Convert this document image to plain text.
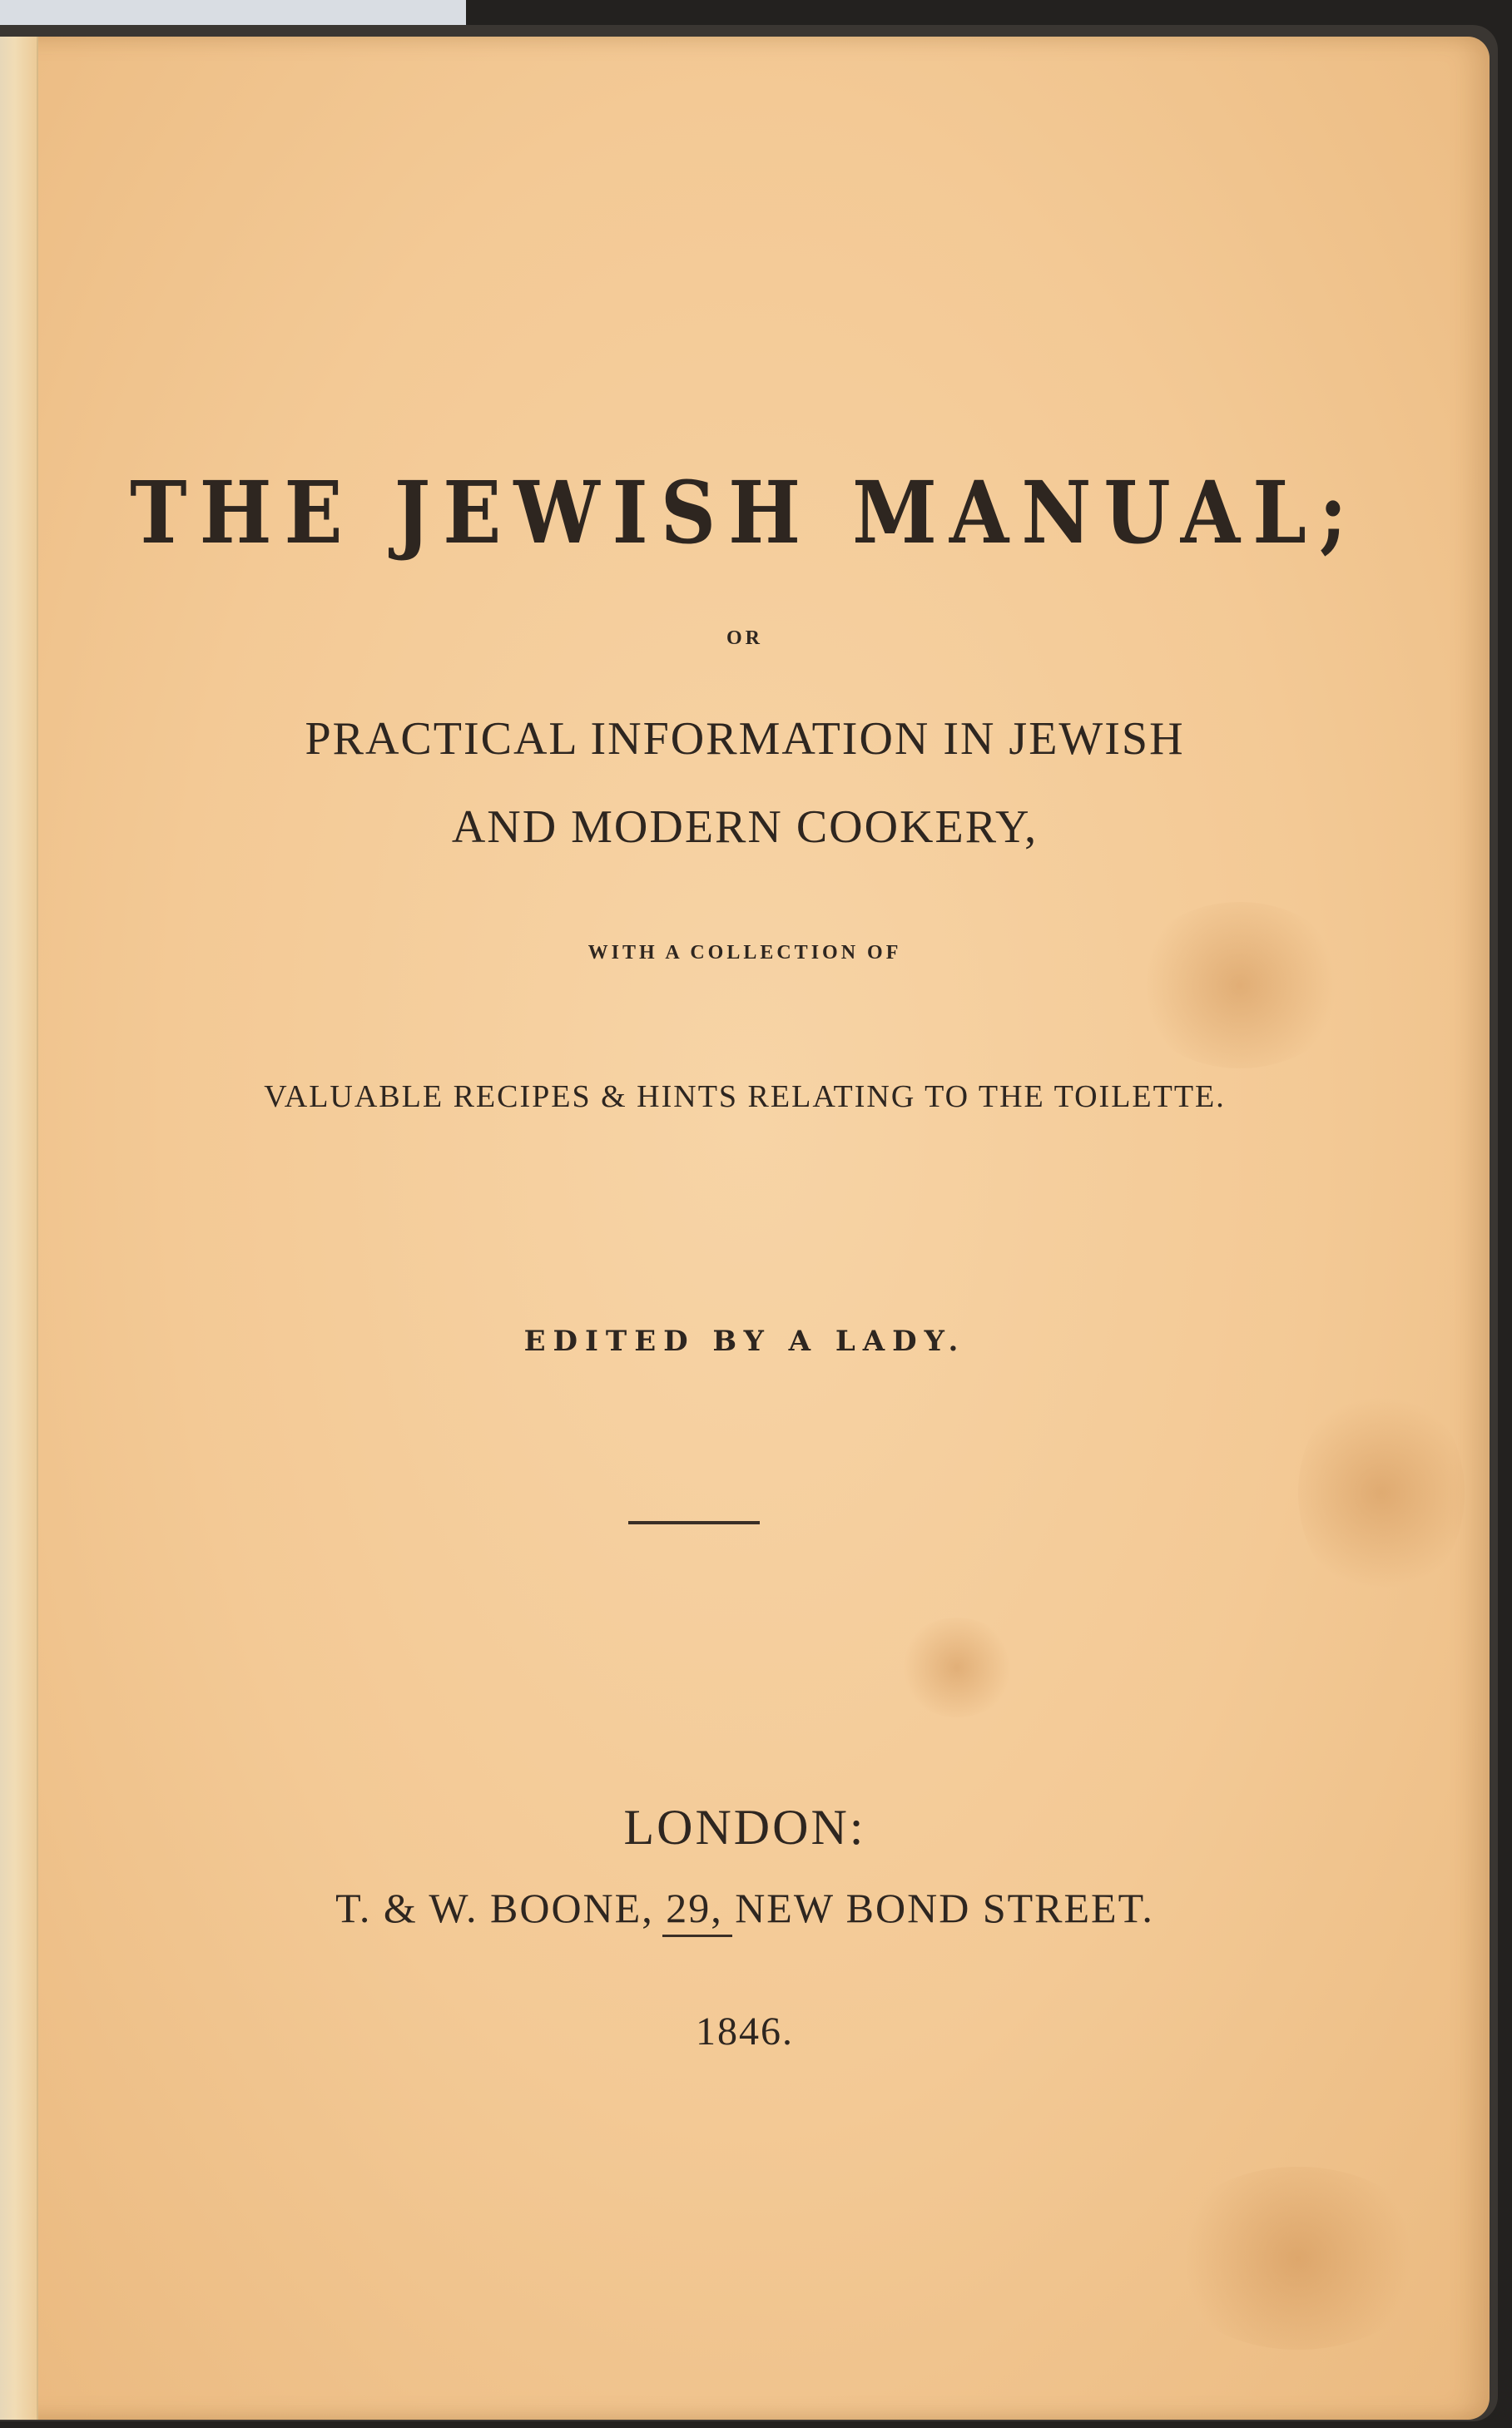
THE JEWISH MANUAL;

OR

PRACTICAL INFORMATION IN JEWISH

AND MODERN COOKERY,

WITH A COLLECTION OF

VALUABLE RECIPES & HINTS RELATING TO THE TOILETTE.

EDITED BY A LADY.

LONDON:

T. & W. BOONE, 29, NEW BOND STREET.

1846.
